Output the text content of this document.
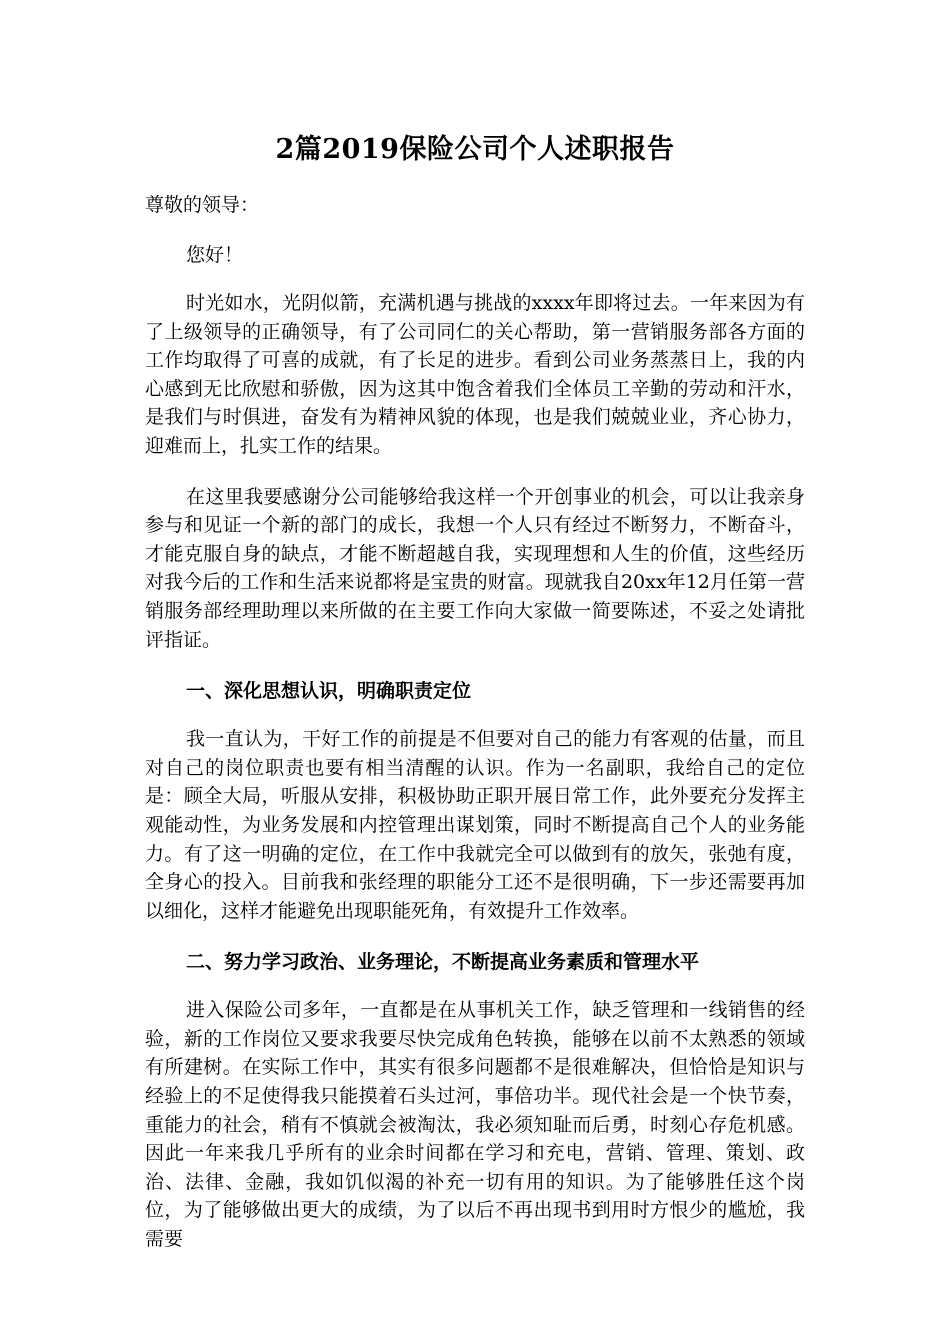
2篇2019保险公司个人述职报告
尊敬的领导：
您好！
时光如水，光阴似箭，充满机遇与挑战的xxxx年即将过去。一年来因为有了上级领导的正确领导，有了公司同仁的关心帮助，第一营销服务部各方面的工作均取得了可喜的成就，有了长足的进步。看到公司业务蒸蒸日上，我的内心感到无比欣慰和骄傲，因为这其中饱含着我们全体员工辛勤的劳动和汗水，是我们与时俱进，奋发有为精神风貌的体现，也是我们兢兢业业，齐心协力，迎难而上，扎实工作的结果。
在这里我要感谢分公司能够给我这样一个开创事业的机会，可以让我亲身参与和见证一个新的部门的成长，我想一个人只有经过不断努力，不断奋斗，才能克服自身的缺点，才能不断超越自我，实现理想和人生的价值，这些经历对我今后的工作和生活来说都将是宝贵的财富。现就我自20xx年12月任第一营销服务部经理助理以来所做的在主要工作向大家做一简要陈述，不妥之处请批评指证。
一、深化思想认识，明确职责定位
我一直认为，干好工作的前提是不但要对自己的能力有客观的估量，而且对自己的岗位职责也要有相当清醒的认识。作为一名副职，我给自己的定位是：顾全大局，听服从安排，积极协助正职开展日常工作，此外要充分发挥主观能动性，为业务发展和内控管理出谋划策，同时不断提高自己个人的业务能力。有了这一明确的定位，在工作中我就完全可以做到有的放矢，张弛有度，全身心的投入。目前我和张经理的职能分工还不是很明确，下一步还需要再加以细化，这样才能避免出现职能死角，有效提升工作效率。
二、努力学习政治、业务理论，不断提高业务素质和管理水平
进入保险公司多年，一直都是在从事机关工作，缺乏管理和一线销售的经验，新的工作岗位又要求我要尽快完成角色转换，能够在以前不太熟悉的领域有所建树。在实际工作中，其实有很多问题都不是很难解决，但恰恰是知识与经验上的不足使得我只能摸着石头过河，事倍功半。现代社会是一个快节奏，重能力的社会，稍有不慎就会被淘汰，我必须知耻而后勇，时刻心存危机感。因此一年来我几乎所有的业余时间都在学习和充电，营销、管理、策划、政治、法律、金融，我如饥似渴的补充一切有用的知识。为了能够胜任这个岗位，为了能够做出更大的成绩，为了以后不再出现书到用时方恨少的尴尬，我需要
